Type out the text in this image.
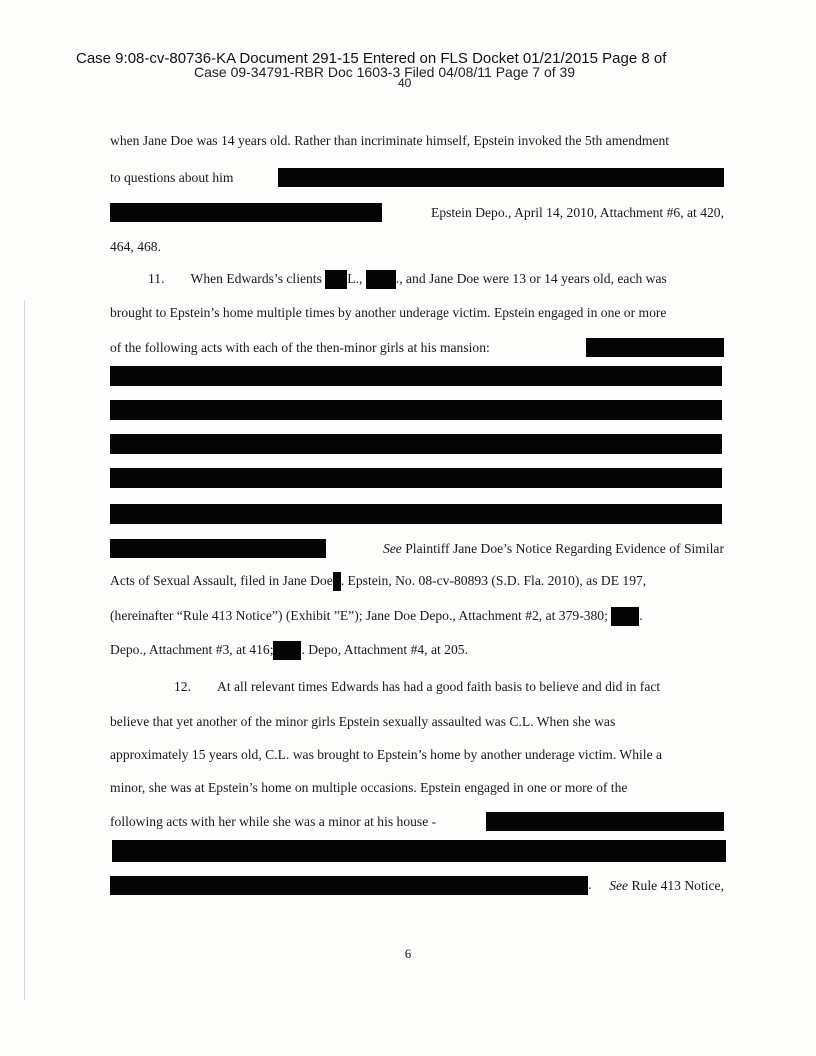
Case 9:08-cv-80736-KA Document 291-15 Entered on FLS Docket 01/21/2015 Page 8 of
Case 09-34791-RBR Doc 1603-3 Filed 04/08/11 Page 7 of 39
40
when Jane Doe was 14 years old. Rather than incriminate himself, Epstein invoked the 5th amendment
to questions about him
Epstein Depo., April 14, 2010, Attachment #6, at 420,
464, 468.
11. When Edwards’s clients L., ., and Jane Doe were 13 or 14 years old, each was
brought to Epstein’s home multiple times by another underage victim. Epstein engaged in one or more
of the following acts with each of the then-minor girls at his mansion:
See Plaintiff Jane Doe’s Notice Regarding Evidence of Similar
Acts of Sexual Assault, filed in Jane Doe . Epstein, No. 08-cv-80893 (S.D. Fla. 2010), as DE 197,
(hereinafter “Rule 413 Notice”) (Exhibit ”E”); Jane Doe Depo., Attachment #2, at 379-380; .
Depo., Attachment #3, at 416; . Depo, Attachment #4, at 205.
12. At all relevant times Edwards has had a good faith basis to believe and did in fact
believe that yet another of the minor girls Epstein sexually assaulted was C.L. When she was
approximately 15 years old, C.L. was brought to Epstein’s home by another underage victim. While a
minor, she was at Epstein’s home on multiple occasions. Epstein engaged in one or more of the
following acts with her while she was a minor at his house -
. See Rule 413 Notice,
6
